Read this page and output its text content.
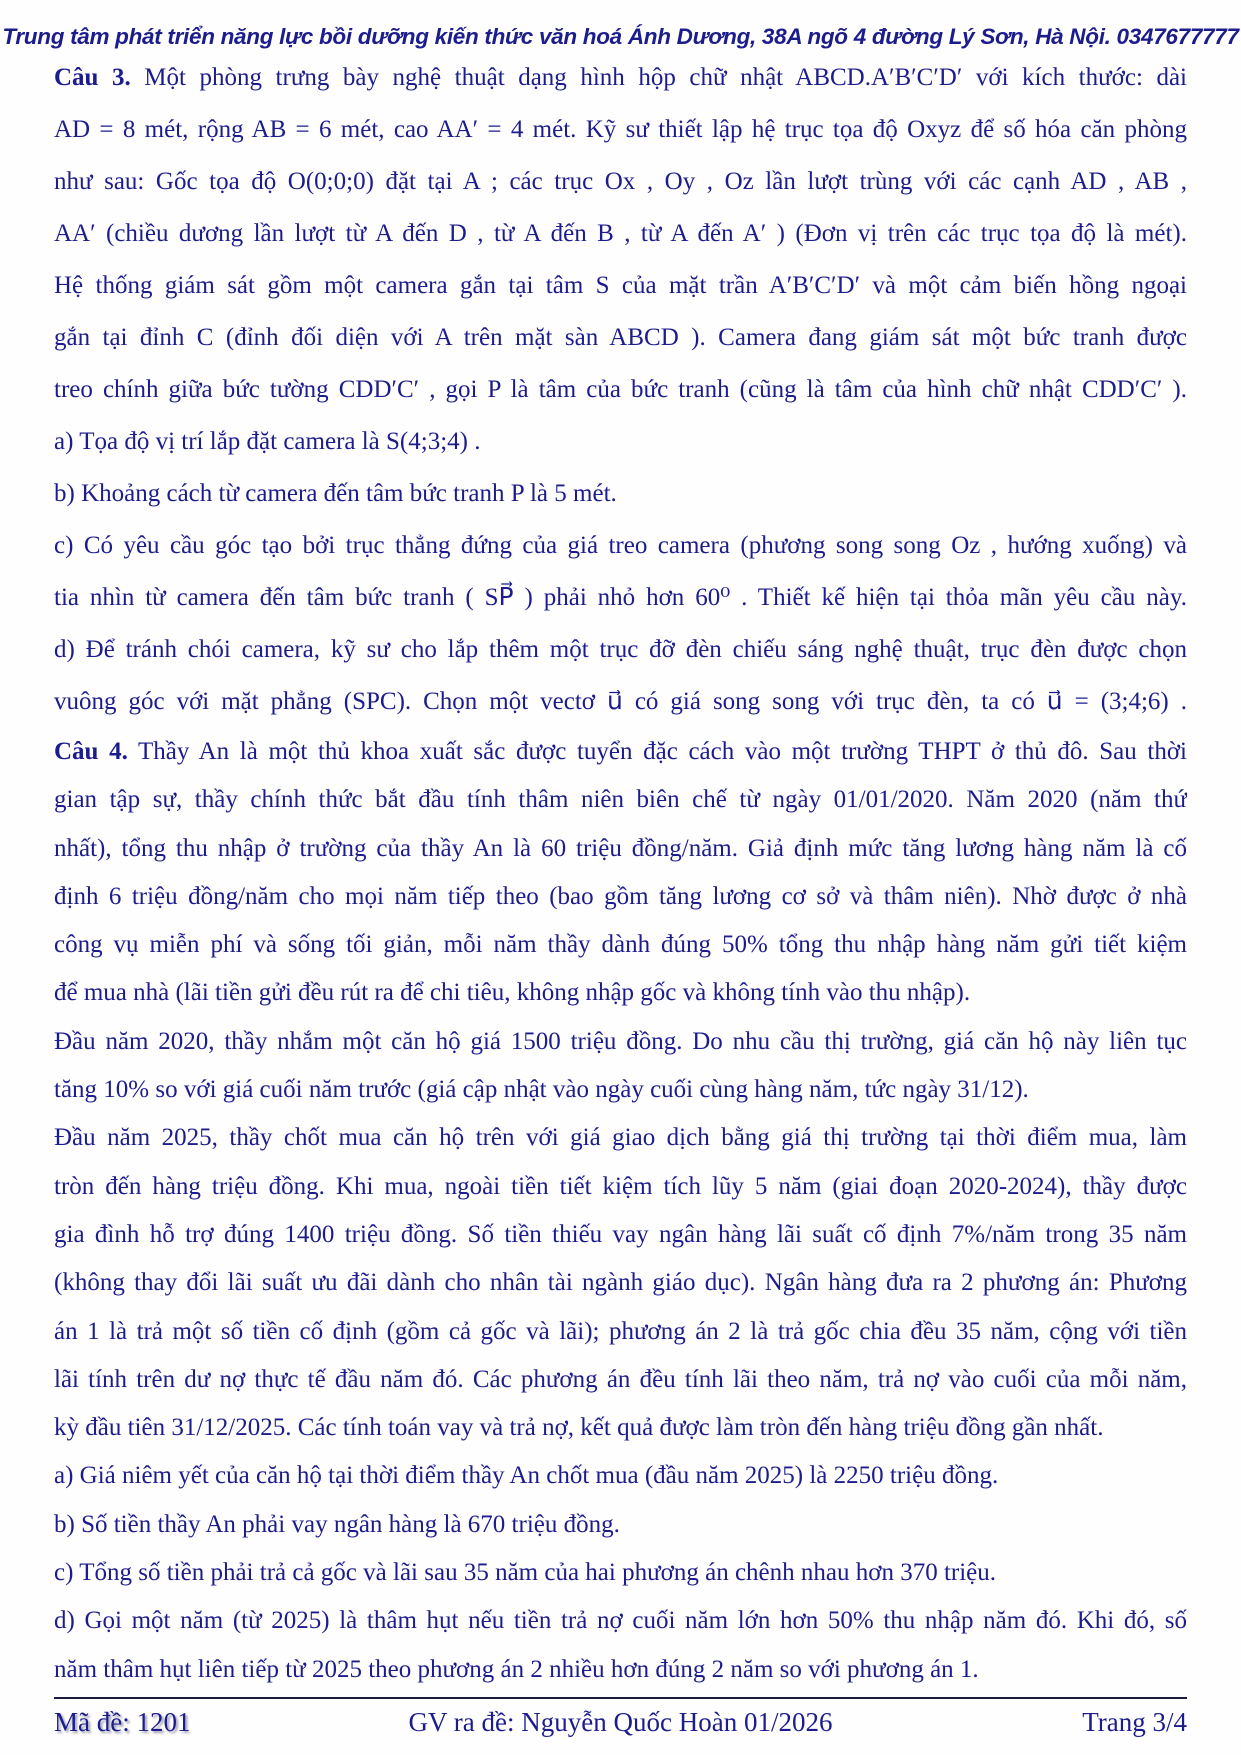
Trung tâm phát triển năng lực bồi dưỡng kiến thức văn hoá Ánh Dương, 38A ngõ 4 đường Lý Sơn, Hà Nội. 0347677777
Câu 3. Một phòng trưng bày nghệ thuật dạng hình hộp chữ nhật ABCD.A′B′C′D′ với kích thước: dài
AD = 8 mét, rộng AB = 6 mét, cao AA′ = 4 mét. Kỹ sư thiết lập hệ trục tọa độ Oxyz để số hóa căn phòng
như sau: Gốc tọa độ O(0;0;0) đặt tại A ; các trục Ox , Oy , Oz lần lượt trùng với các cạnh AD , AB ,
AA′ (chiều dương lần lượt từ A đến D , từ A đến B , từ A đến A′ ) (Đơn vị trên các trục tọa độ là mét).
Hệ thống giám sát gồm một camera gắn tại tâm S của mặt trần A′B′C′D′ và một cảm biến hồng ngoại
gắn tại đỉnh C (đỉnh đối diện với A trên mặt sàn ABCD ). Camera đang giám sát một bức tranh được
treo chính giữa bức tường CDD′C′ , gọi P là tâm của bức tranh (cũng là tâm của hình chữ nhật CDD′C′ ).
a) Tọa độ vị trí lắp đặt camera là S(4;3;4) .
b) Khoảng cách từ camera đến tâm bức tranh P là 5 mét.
c) Có yêu cầu góc tạo bởi trục thẳng đứng của giá treo camera (phương song song Oz , hướng xuống) và
tia nhìn từ camera đến tâm bức tranh ( SP⃗ ) phải nhỏ hơn 60⁰ . Thiết kế hiện tại thỏa mãn yêu cầu này.
d) Để tránh chói camera, kỹ sư cho lắp thêm một trục đỡ đèn chiếu sáng nghệ thuật, trục đèn được chọn
vuông góc với mặt phẳng (SPC). Chọn một vectơ u⃗ có giá song song với trục đèn, ta có u⃗ = (3;4;6) .
Câu 4. Thầy An là một thủ khoa xuất sắc được tuyển đặc cách vào một trường THPT ở thủ đô. Sau thời
gian tập sự, thầy chính thức bắt đầu tính thâm niên biên chế từ ngày 01/01/2020. Năm 2020 (năm thứ
nhất), tổng thu nhập ở trường của thầy An là 60 triệu đồng/năm. Giả định mức tăng lương hàng năm là cố
định 6 triệu đồng/năm cho mọi năm tiếp theo (bao gồm tăng lương cơ sở và thâm niên). Nhờ được ở nhà
công vụ miễn phí và sống tối giản, mỗi năm thầy dành đúng 50% tổng thu nhập hàng năm gửi tiết kiệm
để mua nhà (lãi tiền gửi đều rút ra để chi tiêu, không nhập gốc và không tính vào thu nhập).
Đầu năm 2020, thầy nhắm một căn hộ giá 1500 triệu đồng. Do nhu cầu thị trường, giá căn hộ này liên tục
tăng 10% so với giá cuối năm trước (giá cập nhật vào ngày cuối cùng hàng năm, tức ngày 31/12).
Đầu năm 2025, thầy chốt mua căn hộ trên với giá giao dịch bằng giá thị trường tại thời điểm mua, làm
tròn đến hàng triệu đồng. Khi mua, ngoài tiền tiết kiệm tích lũy 5 năm (giai đoạn 2020-2024), thầy được
gia đình hỗ trợ đúng 1400 triệu đồng. Số tiền thiếu vay ngân hàng lãi suất cố định 7%/năm trong 35 năm
(không thay đổi lãi suất ưu đãi dành cho nhân tài ngành giáo dục). Ngân hàng đưa ra 2 phương án: Phương
án 1 là trả một số tiền cố định (gồm cả gốc và lãi); phương án 2 là trả gốc chia đều 35 năm, cộng với tiền
lãi tính trên dư nợ thực tế đầu năm đó. Các phương án đều tính lãi theo năm, trả nợ vào cuối của mỗi năm,
kỳ đầu tiên 31/12/2025. Các tính toán vay và trả nợ, kết quả được làm tròn đến hàng triệu đồng gần nhất.
a) Giá niêm yết của căn hộ tại thời điểm thầy An chốt mua (đầu năm 2025) là 2250 triệu đồng.
b) Số tiền thầy An phải vay ngân hàng là 670 triệu đồng.
c) Tổng số tiền phải trả cả gốc và lãi sau 35 năm của hai phương án chênh nhau hơn 370 triệu.
d) Gọi một năm (từ 2025) là thâm hụt nếu tiền trả nợ cuối năm lớn hơn 50% thu nhập năm đó. Khi đó, số
năm thâm hụt liên tiếp từ 2025 theo phương án 2 nhiều hơn đúng 2 năm so với phương án 1.
Mã đề: 1201	GV ra đề: Nguyễn Quốc Hoàn 01/2026	Trang 3/4
